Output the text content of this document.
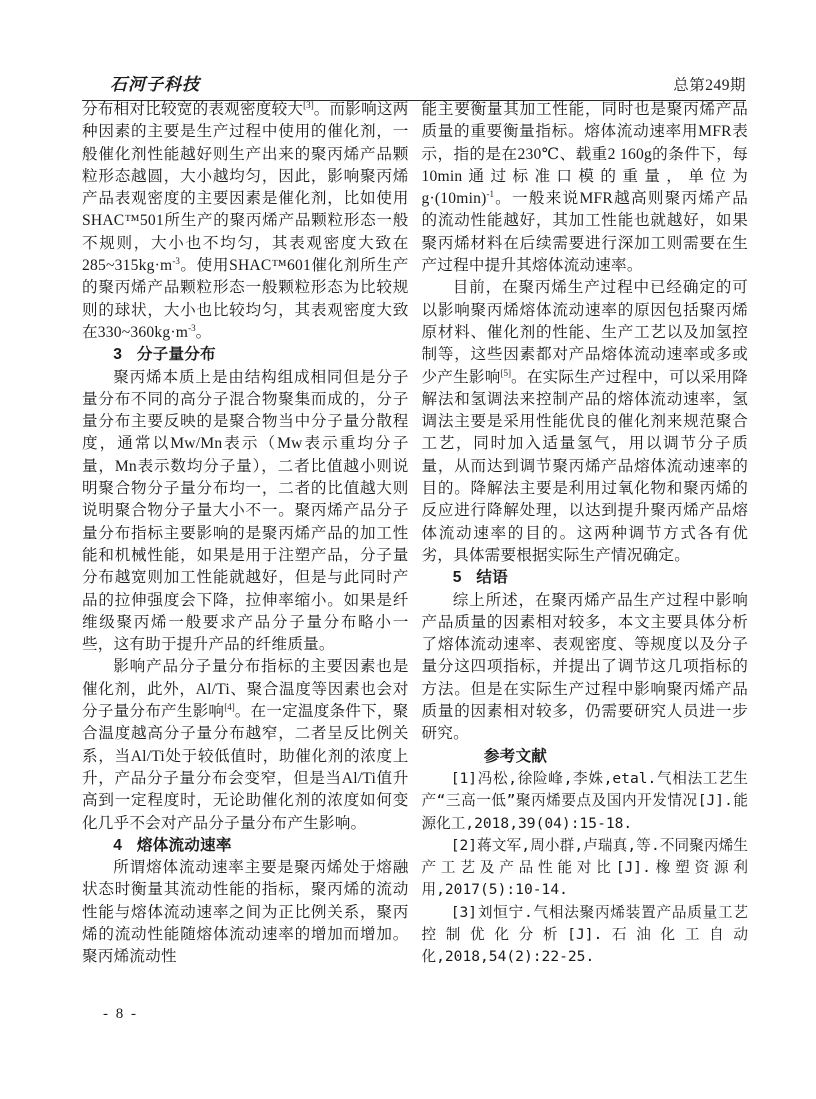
石河子科技	总第249期

分布相对比较宽的表观密度较大[3]。而影响这两种因素的主要是生产过程中使用的催化剂，一般催化剂性能越好则生产出来的聚丙烯产品颗粒形态越圆，大小越均匀，因此，影响聚丙烯产品表观密度的主要因素是催化剂，比如使用SHAC™501所生产的聚丙烯产品颗粒形态一般不规则，大小也不均匀，其表观密度大致在$285\sim 315kg\cdot m^{-3}$。使用SHAC™601催化剂所生产的聚丙烯产品颗粒形态一般颗粒形态为比较规则的球状，大小也比较均匀，其表观密度大致在$330\sim 360kg\cdot m^{-3}$。

3 分子量分布

聚丙烯本质上是由结构组成相同但是分子量分布不同的高分子混合物聚集而成的，分子量分布主要反映的是聚合物当中分子量分散程度，通常以Mw/Mn表示（Mw表示重均分子量，Mn表示数均分子量），二者比值越小则说明聚合物分子量分布均一，二者的比值越大则说明聚合物分子量大小不一。聚丙烯产品分子量分布指标主要影响的是聚丙烯产品的加工性能和机械性能，如果是用于注塑产品，分子量分布越宽则加工性能就越好，但是与此同时产品的拉伸强度会下降，拉伸率缩小。如果是纤维级聚丙烯一般要求产品分子量分布略小一些，这有助于提升产品的纤维质量。

影响产品分子量分布指标的主要因素也是催化剂，此外，Al/Ti、聚合温度等因素也会对分子量分布产生影响[4]。在一定温度条件下，聚合温度越高分子量分布越窄，二者呈反比例关系，当Al/Ti处于较低值时，助催化剂的浓度上升，产品分子量分布会变窄，但是当Al/Ti值升高到一定程度时，无论助催化剂的浓度如何变化几乎不会对产品分子量分布产生影响。

4 熔体流动速率

所谓熔体流动速率主要是聚丙烯处于熔融状态时衡量其流动性能的指标，聚丙烯的流动性能与熔体流动速率之间为正比例关系，聚丙烯的流动性能随熔体流动速率的增加而增加。聚丙烯流动性

能主要衡量其加工性能，同时也是聚丙烯产品质量的重要衡量指标。熔体流动速率用MFR表示，指的是在230℃、载重2 160g的条件下，每10min通过标准口模的重量，单位为$g\cdot(10\min)^{-1}$。一般来说MFR越高则聚丙烯产品的流动性能越好，其加工性能也就越好，如果聚丙烯材料在后续需要进行深加工则需要在生产过程中提升其熔体流动速率。

目前，在聚丙烯生产过程中已经确定的可以影响聚丙烯熔体流动速率的原因包括聚丙烯原材料、催化剂的性能、生产工艺以及加氢控制等，这些因素都对产品熔体流动速率或多或少产生影响[5]。在实际生产过程中，可以采用降解法和氢调法来控制产品的熔体流动速率，氢调法主要是采用性能优良的催化剂来规范聚合工艺，同时加入适量氢气，用以调节分子质量，从而达到调节聚丙烯产品熔体流动速率的目的。降解法主要是利用过氧化物和聚丙烯的反应进行降解处理，以达到提升聚丙烯产品熔体流动速率的目的。这两种调节方式各有优劣，具体需要根据实际生产情况确定。

5 结语

综上所述，在聚丙烯产品生产过程中影响产品质量的因素相对较多，本文主要具体分析了熔体流动速率、表观密度、等规度以及分子量分这四项指标，并提出了调节这几项指标的方法。但是在实际生产过程中影响聚丙烯产品质量的因素相对较多，仍需要研究人员进一步研究。

参考文献

[1]冯松,徐险峰,李姝,etal.气相法工艺生产“三高一低”聚丙烯要点及国内开发情况[J].能源化工,2018,39(04):15-18.

[2]蒋文军,周小群,卢瑞真,等.不同聚丙烯生产工艺及产品性能对比[J].橡塑资源利用,2017(5):10-14.

[3]刘恒宁.气相法聚丙烯装置产品质量工艺控制优化分析[J].石油化工自动化,2018,54(2):22-25.

- 8 -
